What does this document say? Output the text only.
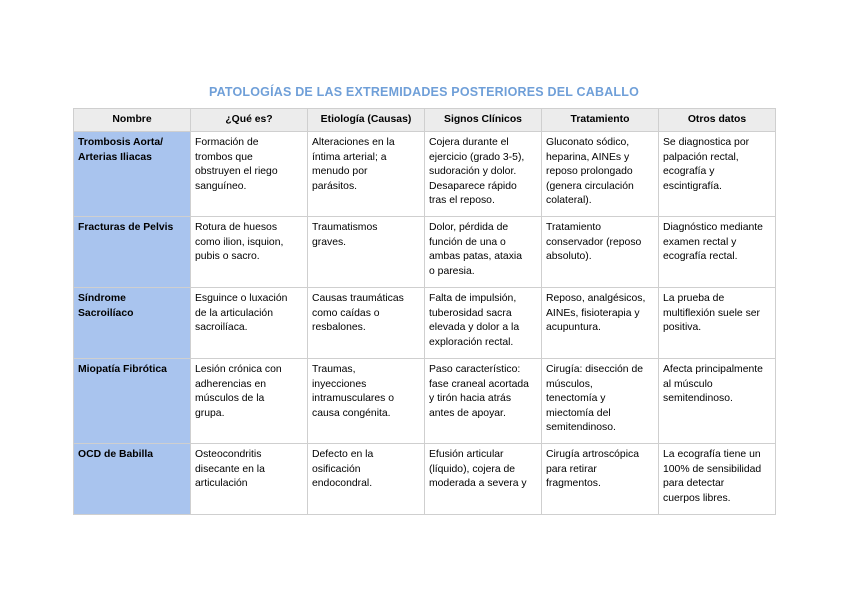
PATOLOGÍAS DE LAS EXTREMIDADES POSTERIORES DEL CABALLO
Nombre	¿Qué es?	Etiología (Causas)	Signos Clínicos	Tratamiento	Otros datos

Trombosis Aorta/
Arterias Iliacas	Formación de
trombos que
obstruyen el riego
sanguíneo.	Alteraciones en la
íntima arterial; a
menudo por
parásitos.	Cojera durante el
ejercicio (grado 3-5),
sudoración y dolor.
Desaparece rápido
tras el reposo.	Gluconato sódico,
heparina, AINEs y
reposo prolongado
(genera circulación
colateral).	Se diagnostica por
palpación rectal,
ecografía y
escintigrafía.

Fracturas de Pelvis	Rotura de huesos
como ilion, isquion,
pubis o sacro.	Traumatismos
graves.	Dolor, pérdida de
función de una o
ambas patas, ataxia
o paresia.	Tratamiento
conservador (reposo
absoluto).	Diagnóstico mediante
examen rectal y
ecografía rectal.

Síndrome
Sacroilíaco	Esguince o luxación
de la articulación
sacroilíaca.	Causas traumáticas
como caídas o
resbalones.	Falta de impulsión,
tuberosidad sacra
elevada y dolor a la
exploración rectal.	Reposo, analgésicos,
AINEs, fisioterapia y
acupuntura.	La prueba de
multiflexión suele ser
positiva.

Miopatía Fibrótica	Lesión crónica con
adherencias en
músculos de la
grupa.	Traumas,
inyecciones
intramusculares o
causa congénita.	Paso característico:
fase craneal acortada
y tirón hacia atrás
antes de apoyar.	Cirugía: disección de
músculos,
tenectomía y
miectomía del
semitendinoso.	Afecta principalmente
al músculo
semitendinoso.

OCD de Babilla	Osteocondritis
disecante en la
articulación	Defecto en la
osificación
endocondral.	Efusión articular
(líquido), cojera de
moderada a severa y	Cirugía artroscópica
para retirar
fragmentos.	La ecografía tiene un
100% de sensibilidad
para detectar
cuerpos libres.
